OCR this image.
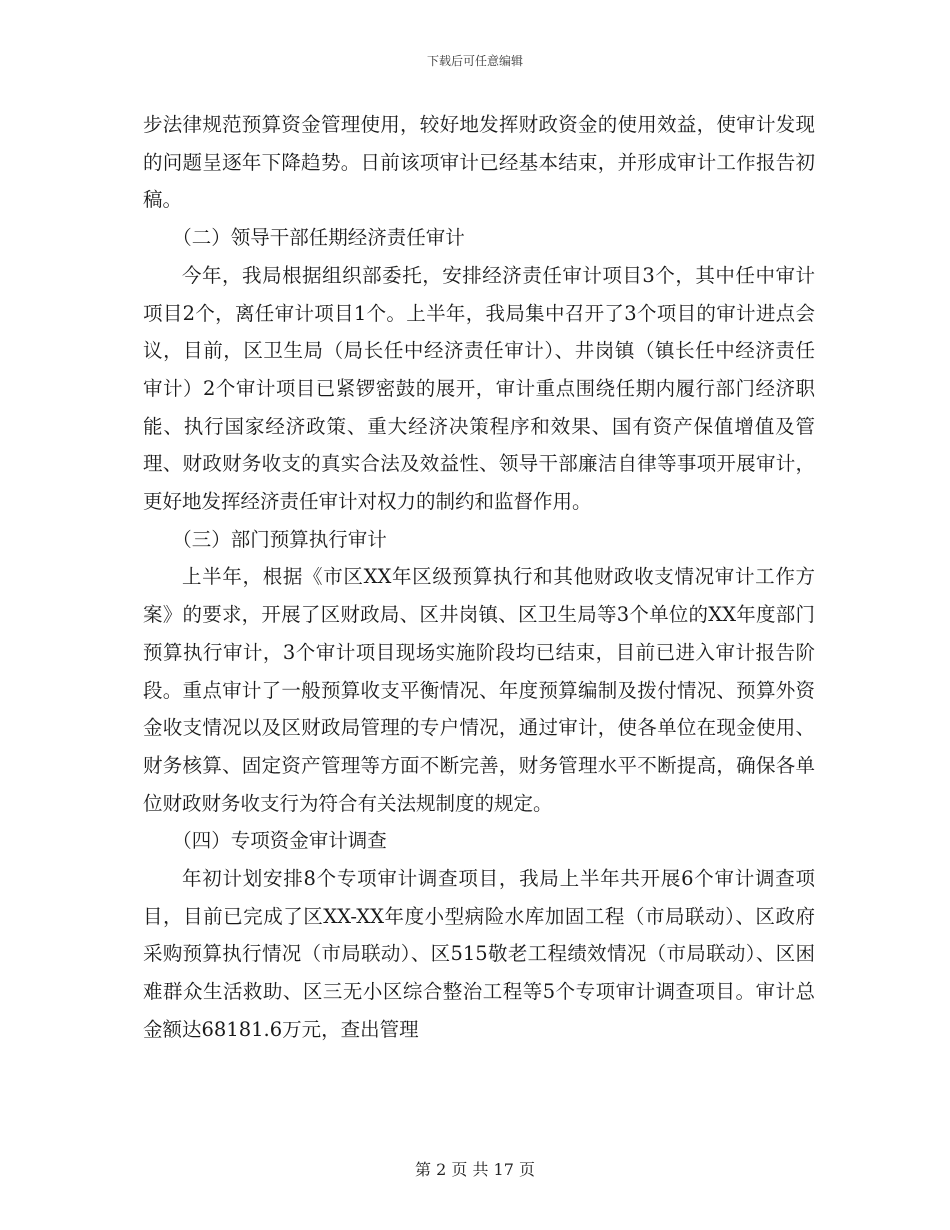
下载后可任意编辑

步法律规范预算资金管理使用，较好地发挥财政资金的使用效益，使审计发现的问题呈逐年下降趋势。日前该项审计已经基本结束，并形成审计工作报告初稿。

（二）领导干部任期经济责任审计

今年，我局根据组织部委托，安排经济责任审计项目3个，其中任中审计项目2个，离任审计项目1个。上半年，我局集中召开了3个项目的审计进点会议，目前，区卫生局（局长任中经济责任审计）、井岗镇（镇长任中经济责任审计）2个审计项目已紧锣密鼓的展开，审计重点围绕任期内履行部门经济职能、执行国家经济政策、重大经济决策程序和效果、国有资产保值增值及管理、财政财务收支的真实合法及效益性、领导干部廉洁自律等事项开展审计，更好地发挥经济责任审计对权力的制约和监督作用。

（三）部门预算执行审计

上半年，根据《市区XX年区级预算执行和其他财政收支情况审计工作方案》的要求，开展了区财政局、区井岗镇、区卫生局等3个单位的XX年度部门预算执行审计，3个审计项目现场实施阶段均已结束，目前已进入审计报告阶段。重点审计了一般预算收支平衡情况、年度预算编制及拨付情况、预算外资金收支情况以及区财政局管理的专户情况，通过审计，使各单位在现金使用、财务核算、固定资产管理等方面不断完善，财务管理水平不断提高，确保各单位财政财务收支行为符合有关法规制度的规定。

（四）专项资金审计调查

年初计划安排8个专项审计调查项目，我局上半年共开展6个审计调查项目，目前已完成了区XX-XX年度小型病险水库加固工程（市局联动）、区政府采购预算执行情况（市局联动）、区515敬老工程绩效情况（市局联动）、区困难群众生活救助、区三无小区综合整治工程等5个专项审计调查项目。审计总金额达68181.6万元，查出管理

第 2 页 共 17 页
